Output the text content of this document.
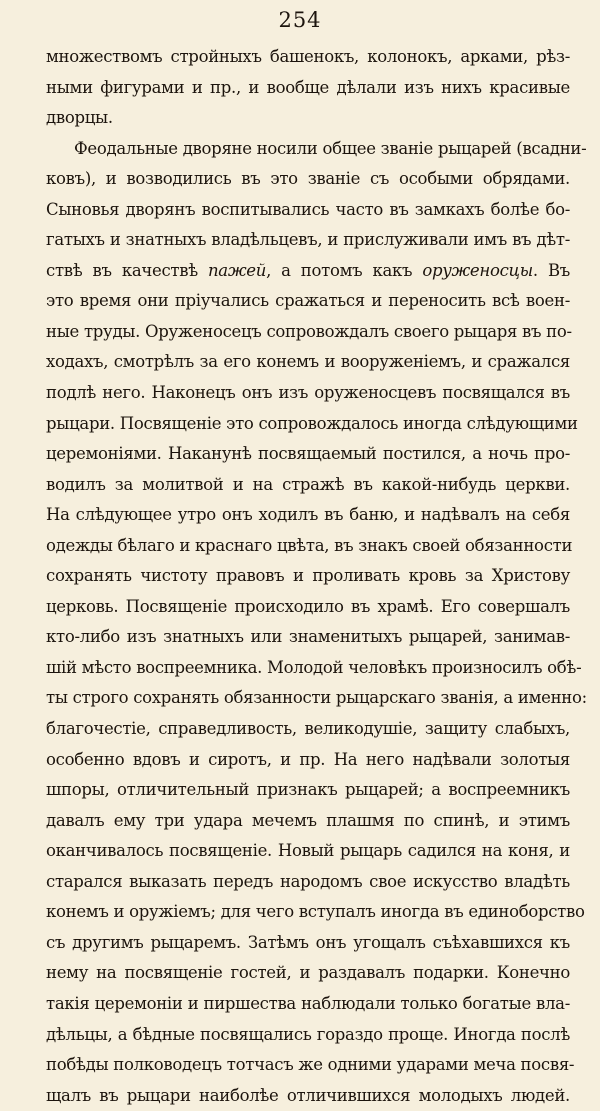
254
множествомъ стройныхъ башенокъ, колонокъ, арками, рѣз-
ными фигурами и пр., и вообще дѣлали изъ нихъ красивые
дворцы.
Феодальные дворяне носили общее званіе рыцарей (всадни-
ковъ), и возводились въ это званіе съ особыми обрядами.
Сыновья дворянъ воспитывались часто въ замкахъ болѣе бо-
гатыхъ и знатныхъ владѣльцевъ, и прислуживали имъ въ дѣт-
ствѣ въ качествѣ пажей, а потомъ какъ оруженосцы. Въ
это время они пріучались сражаться и переносить всѣ воен-
ные труды. Оруженосецъ сопровождалъ своего рыцаря въ по-
ходахъ, смотрѣлъ за его конемъ и вооруженіемъ, и сражался
подлѣ него. Наконецъ онъ изъ оруженосцевъ посвящался въ
рыцари. Посвященіе это сопровождалось иногда слѣдующими
церемоніями. Наканунѣ посвящаемый постился, а ночь про-
водилъ за молитвой и на стражѣ въ какой-нибудь церкви.
На слѣдующее утро онъ ходилъ въ баню, и надѣвалъ на себя
одежды бѣлаго и краснаго цвѣта, въ знакъ своей обязанности
сохранять чистоту правовъ и проливать кровь за Христову
церковь. Посвященіе происходило въ храмѣ. Его совершалъ
кто-либо изъ знатныхъ или знаменитыхъ рыцарей, занимав-
шій мѣсто воспреемника. Молодой человѣкъ произносилъ обѣ-
ты строго сохранять обязанности рыцарскаго званія, а именно:
благочестіе, справедливость, великодушіе, защиту слабыхъ,
особенно вдовъ и сиротъ, и пр. На него надѣвали золотыя
шпоры, отличительный признакъ рыцарей; а воспреемникъ
давалъ ему три удара мечемъ плашмя по спинѣ, и этимъ
оканчивалось посвященіе. Новый рыцарь садился на коня, и
старался выказать передъ народомъ свое искусство владѣть
конемъ и оружіемъ; для чего вступалъ иногда въ единоборство
съ другимъ рыцаремъ. Затѣмъ онъ угощалъ съѣхавшихся къ
нему на посвященіе гостей, и раздавалъ подарки. Конечно
такія церемоніи и пиршества наблюдали только богатые вла-
дѣльцы, а бѣдные посвящались гораздо проще. Иногда послѣ
побѣды полководецъ тотчасъ же одними ударами меча посвя-
щалъ въ рыцари наиболѣе отличившихся молодыхъ людей.
